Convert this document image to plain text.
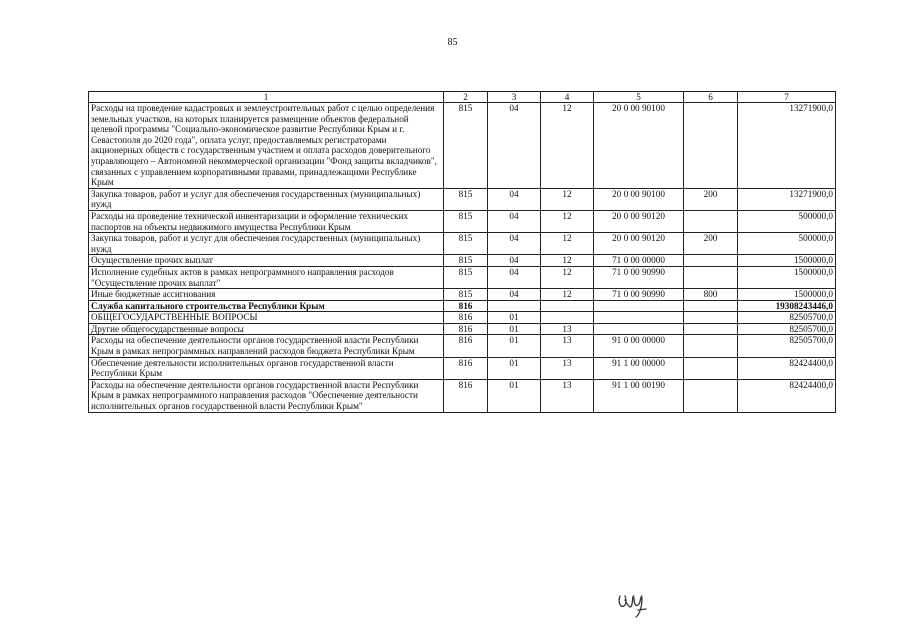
85
1	2	3	4	5	6	7
Расходы на проведение кадастровых и землеустроительных работ с целью определения земельных участков, на которых планируется размещение объектов федеральной целевой программы "Социально-экономическое развитие Республики Крым и г. Севастополя до 2020 года", оплата услуг, предоставляемых регистраторами акционерных обществ с государственным участием и оплата расходов доверительного управляющего – Автономной некоммерческой организации "Фонд защиты вкладчиков", связанных с управлением корпоративными правами, принадлежащими Республике Крым	815	04	12	20 0 00 90100		13271900,0
Закупка товаров, работ и услуг для обеспечения государственных (муниципальных) нужд	815	04	12	20 0 00 90100	200	13271900,0
Расходы на проведение технической инвентаризации и оформление технических паспортов на объекты недвижимого имущества Республики Крым	815	04	12	20 0 00 90120		500000,0
Закупка товаров, работ и услуг для обеспечения государственных (муниципальных) нужд	815	04	12	20 0 00 90120	200	500000,0
Осуществление прочих выплат	815	04	12	71 0 00 00000		1500000,0
Исполнение судебных актов в рамках непрограммного направления расходов "Осуществление прочих выплат"	815	04	12	71 0 00 90990		1500000,0
Иные бюджетные ассигнования	815	04	12	71 0 00 90990	800	1500000,0
Служба капитального строительства Республики Крым	816					19308243446,0
ОБЩЕГОСУДАРСТВЕННЫЕ ВОПРОСЫ	816	01				82505700,0
Другие общегосударственные вопросы	816	01	13			82505700,0
Расходы на обеспечение деятельности органов государственной власти Республики Крым в рамках непрограммных направлений расходов бюджета Республики Крым	816	01	13	91 0 00 00000		82505700,0
Обеспечение деятельности исполнительных органов государственной власти Республики Крым	816	01	13	91 1 00 00000		82424400,0
Расходы на обеспечение деятельности органов государственной власти Республики Крым в рамках непрограммного направления расходов "Обеспечение деятельности исполнительных органов государственной власти Республики Крым"	816	01	13	91 1 00 00190		82424400,0
